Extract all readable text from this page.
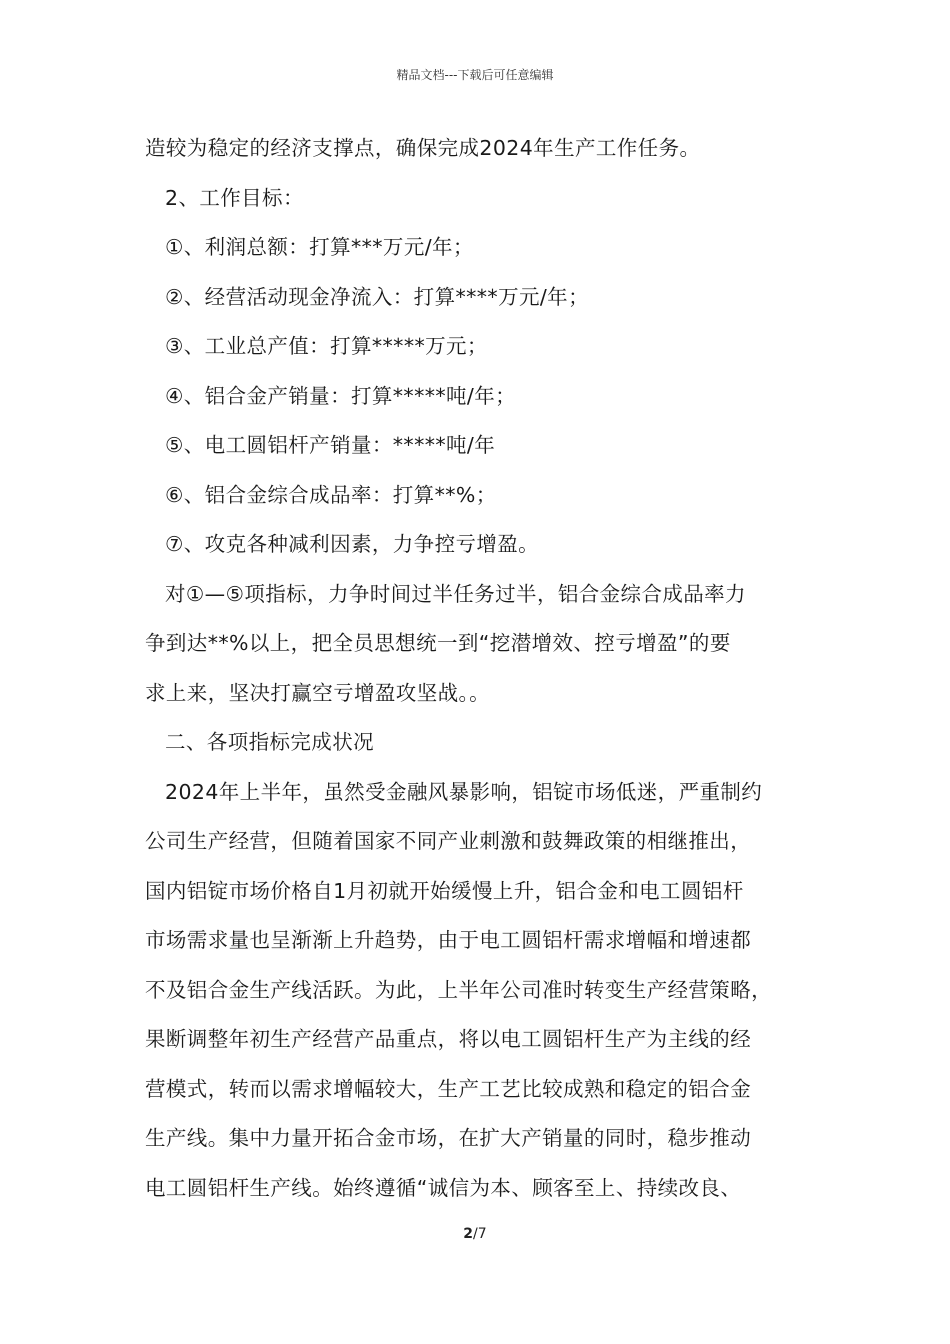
精品文档---下载后可任意编辑
造较为稳定的经济支撑点，确保完成2024年生产工作任务。
2、工作目标：
①、利润总额：打算***万元/年；
②、经营活动现金净流入：打算****万元/年；
③、工业总产值：打算*****万元；
④、铝合金产销量：打算*****吨/年；
⑤、电工圆铝杆产销量：*****吨/年
⑥、铝合金综合成品率：打算**%；
⑦、攻克各种减利因素，力争控亏增盈。
对①—⑤项指标，力争时间过半任务过半，铝合金综合成品率力
争到达**%以上，把全员思想统一到“挖潜增效、控亏增盈”的要
求上来，坚决打赢空亏增盈攻坚战。。
二、各项指标完成状况
2024年上半年，虽然受金融风暴影响，铝锭市场低迷，严重制约
公司生产经营，但随着国家不同产业刺激和鼓舞政策的相继推出，
国内铝锭市场价格自1月初就开始缓慢上升，铝合金和电工圆铝杆
市场需求量也呈渐渐上升趋势，由于电工圆铝杆需求增幅和增速都
不及铝合金生产线活跃。为此，上半年公司准时转变生产经营策略，
果断调整年初生产经营产品重点，将以电工圆铝杆生产为主线的经
营模式，转而以需求增幅较大，生产工艺比较成熟和稳定的铝合金
生产线。集中力量开拓合金市场，在扩大产销量的同时，稳步推动
电工圆铝杆生产线。始终遵循“诚信为本、顾客至上、持续改良、
2/7
